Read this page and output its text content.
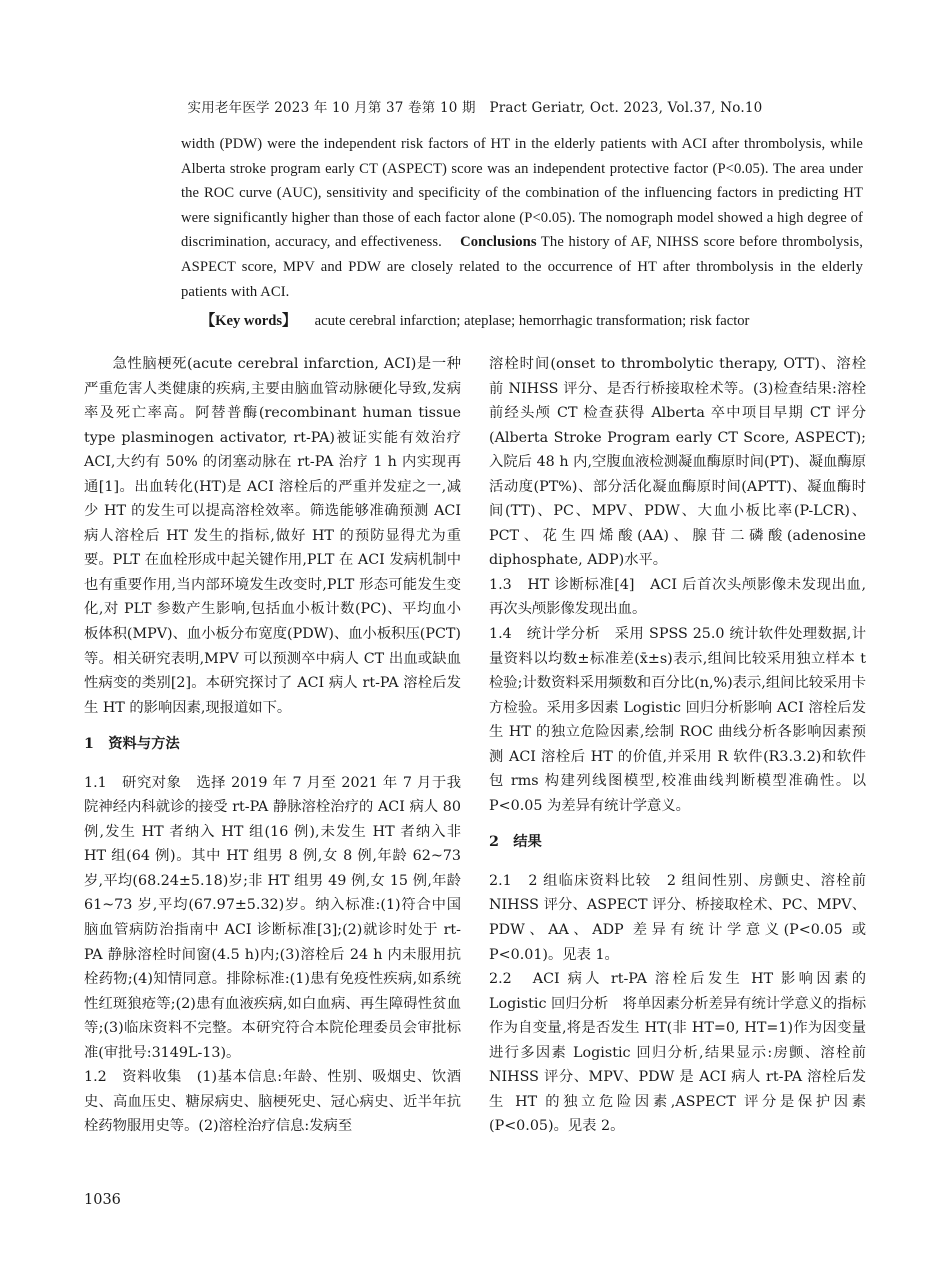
实用老年医学 2023 年 10 月第 37 卷第 10 期　Pract Geriatr, Oct. 2023, Vol.37, No.10
width (PDW) were the independent risk factors of HT in the elderly patients with ACI after thrombolysis, while Alberta stroke program early CT (ASPECT) score was an independent protective factor (P<0.05). The area under the ROC curve (AUC), sensitivity and specificity of the combination of the influencing factors in predicting HT were significantly higher than those of each factor alone (P<0.05). The nomograph model showed a high degree of discrimination, accuracy, and effectiveness. Conclusions The history of AF, NIHSS score before thrombolysis, ASPECT score, MPV and PDW are closely related to the occurrence of HT after thrombolysis in the elderly patients with ACI.
【Key words】 acute cerebral infarction; ateplase; hemorrhagic transformation; risk factor

急性脑梗死(acute cerebral infarction, ACI)是一种严重危害人类健康的疾病,主要由脑血管动脉硬化导致,发病率及死亡率高。阿替普酶(recombinant human tissue type plasminogen activator, rt-PA)被证实能有效治疗 ACI,大约有 50% 的闭塞动脉在 rt-PA 治疗 1 h 内实现再通[1]。出血转化(HT)是 ACI 溶栓后的严重并发症之一,减少 HT 的发生可以提高溶栓效率。筛选能够准确预测 ACI 病人溶栓后 HT 发生的指标,做好 HT 的预防显得尤为重要。PLT 在血栓形成中起关键作用,PLT 在 ACI 发病机制中也有重要作用,当内部环境发生改变时,PLT 形态可能发生变化,对 PLT 参数产生影响,包括血小板计数(PC)、平均血小板体积(MPV)、血小板分布宽度(PDW)、血小板积压(PCT)等。相关研究表明,MPV 可以预测卒中病人 CT 出血或缺血性病变的类别[2]。本研究探讨了 ACI 病人 rt-PA 溶栓后发生 HT 的影响因素,现报道如下。

1　资料与方法

1.1　研究对象　选择 2019 年 7 月至 2021 年 7 月于我院神经内科就诊的接受 rt-PA 静脉溶栓治疗的 ACI 病人 80 例,发生 HT 者纳入 HT 组(16 例),未发生 HT 者纳入非 HT 组(64 例)。其中 HT 组男 8 例,女 8 例,年龄 62~73 岁,平均(68.24±5.18)岁;非 HT 组男 49 例,女 15 例,年龄 61~73 岁,平均(67.97±5.32)岁。纳入标准:(1)符合中国脑血管病防治指南中 ACI 诊断标准[3];(2)就诊时处于 rt-PA 静脉溶栓时间窗(4.5 h)内;(3)溶栓后 24 h 内未服用抗栓药物;(4)知情同意。排除标准:(1)患有免疫性疾病,如系统性红斑狼疮等;(2)患有血液疾病,如白血病、再生障碍性贫血等;(3)临床资料不完整。本研究符合本院伦理委员会审批标准(审批号:3149L-13)。

1.2　资料收集　(1)基本信息:年龄、性别、吸烟史、饮酒史、高血压史、糖尿病史、脑梗死史、冠心病史、近半年抗栓药物服用史等。(2)溶栓治疗信息:发病至

溶栓时间(onset to thrombolytic therapy, OTT)、溶栓前 NIHSS 评分、是否行桥接取栓术等。(3)检查结果:溶栓前经头颅 CT 检查获得 Alberta 卒中项目早期 CT 评分(Alberta Stroke Program early CT Score, ASPECT);入院后 48 h 内,空腹血液检测凝血酶原时间(PT)、凝血酶原活动度(PT%)、部分活化凝血酶原时间(APTT)、凝血酶时间(TT)、PC、MPV、PDW、大血小板比率(P-LCR)、PCT、花生四烯酸(AA)、腺苷二磷酸(adenosine diphosphate, ADP)水平。

1.3　HT 诊断标准[4]　ACI 后首次头颅影像未发现出血,再次头颅影像发现出血。

1.4　统计学分析　采用 SPSS 25.0 统计软件处理数据,计量资料以均数±标准差(x̄±s)表示,组间比较采用独立样本 t 检验;计数资料采用频数和百分比(n,%)表示,组间比较采用卡方检验。采用多因素 Logistic 回归分析影响 ACI 溶栓后发生 HT 的独立危险因素,绘制 ROC 曲线分析各影响因素预测 ACI 溶栓后 HT 的价值,并采用 R 软件(R3.3.2)和软件包 rms 构建列线图模型,校准曲线判断模型准确性。以 P<0.05 为差异有统计学意义。

2　结果

2.1　2 组临床资料比较　2 组间性别、房颤史、溶栓前 NIHSS 评分、ASPECT 评分、桥接取栓术、PC、MPV、PDW、AA、ADP 差异有统计学意义(P<0.05 或 P<0.01)。见表 1。

2.2　ACI 病人 rt-PA 溶栓后发生 HT 影响因素的 Logistic 回归分析　将单因素分析差异有统计学意义的指标作为自变量,将是否发生 HT(非 HT=0, HT=1)作为因变量进行多因素 Logistic 回归分析,结果显示:房颤、溶栓前 NIHSS 评分、MPV、PDW 是 ACI 病人 rt-PA 溶栓后发生 HT 的独立危险因素,ASPECT 评分是保护因素(P<0.05)。见表 2。

1036
